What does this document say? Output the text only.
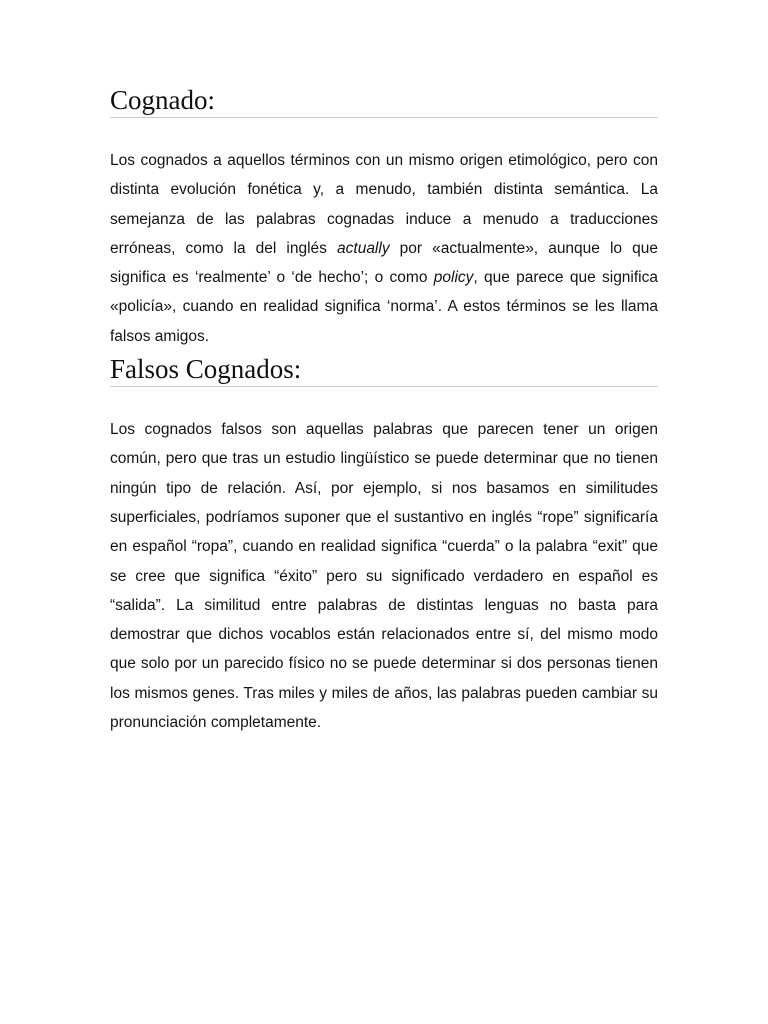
Cognado:

Los cognados a aquellos términos con un mismo origen etimológico, pero con distinta evolución fonética y, a menudo, también distinta semántica. La semejanza de las palabras cognadas induce a menudo a traducciones erróneas, como la del inglés actually por «actualmente», aunque lo que significa es ‘realmente’ o ‘de hecho’; o como policy, que parece que significa «policía», cuando en realidad significa ‘norma’. A estos términos se les llama falsos amigos.

Falsos Cognados:

Los cognados falsos son aquellas palabras que parecen tener un origen común, pero que tras un estudio lingüístico se puede determinar que no tienen ningún tipo de relación. Así, por ejemplo, si nos basamos en similitudes superficiales, podríamos suponer que el sustantivo en inglés “rope” significaría en español “ropa”, cuando en realidad significa “cuerda” o la palabra “exit” que se cree que significa “éxito” pero su significado verdadero en español es “salida”. La similitud entre palabras de distintas lenguas no basta para demostrar que dichos vocablos están relacionados entre sí, del mismo modo que solo por un parecido físico no se puede determinar si dos personas tienen los mismos genes. Tras miles y miles de años, las palabras pueden cambiar su pronunciación completamente.
